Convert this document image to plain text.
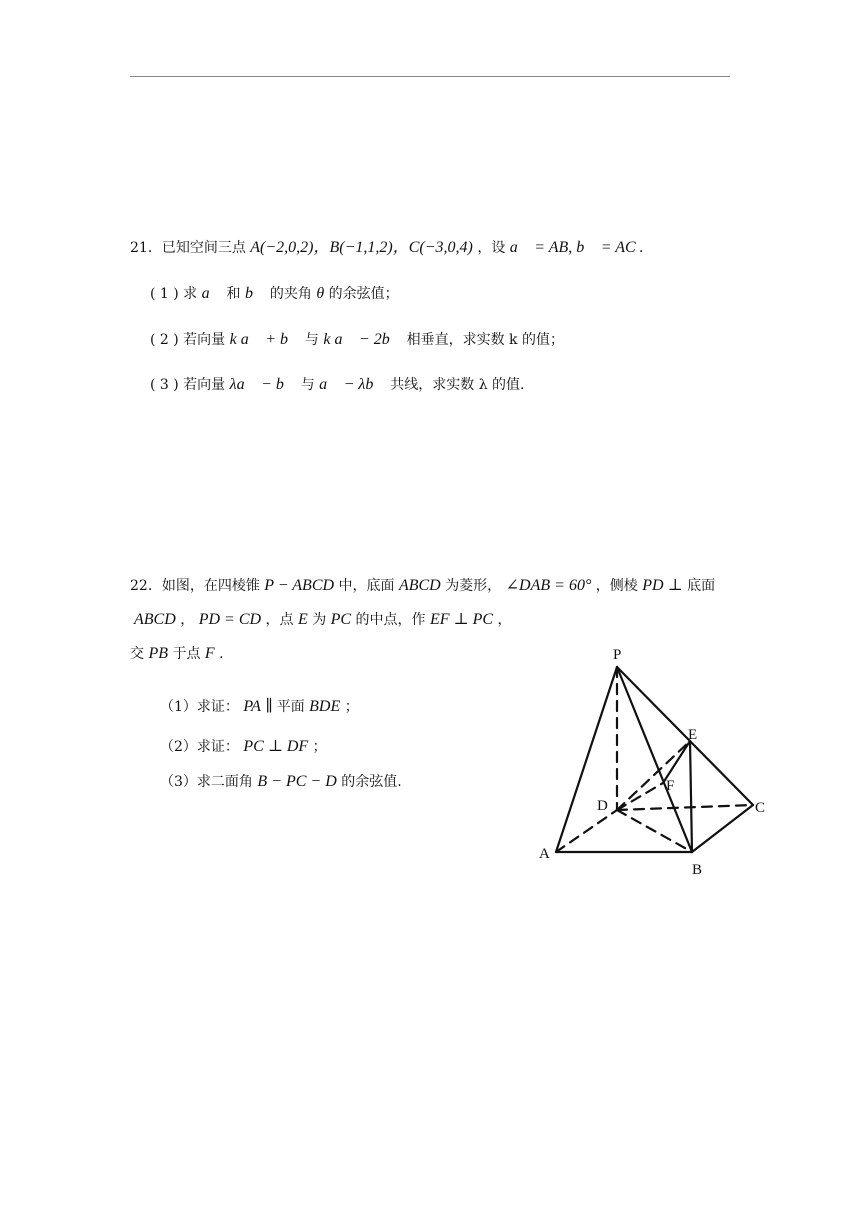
21．已知空间三点 A(−2,0,2)，B(−1,1,2)，C(−3,0,4) ，设 a⃗ = AB, b⃗ = AC .
( 1 ) 求 a⃗ 和 b⃗ 的夹角 θ 的余弦值；
( 2 ) 若向量 k a⃗ + b⃗ 与 k a⃗ − 2b⃗ 相垂直，求实数 k 的值；
( 3 ) 若向量 λa⃗ − b⃗ 与 a⃗ − λb⃗ 共线，求实数 λ 的值.
22．如图，在四棱锥 P − ABCD 中，底面 ABCD 为菱形， ∠DAB = 60° ，侧棱 PD ⊥ 底面
ABCD ， PD = CD ，点 E 为 PC 的中点，作 EF ⊥ PC ，
交 PB 于点 F .
（1）求证： PA ∥ 平面 BDE ；
（2）求证： PC ⊥ DF ；
（3）求二面角 B − PC − D 的余弦值.
P
E
F
D	C
A
B
